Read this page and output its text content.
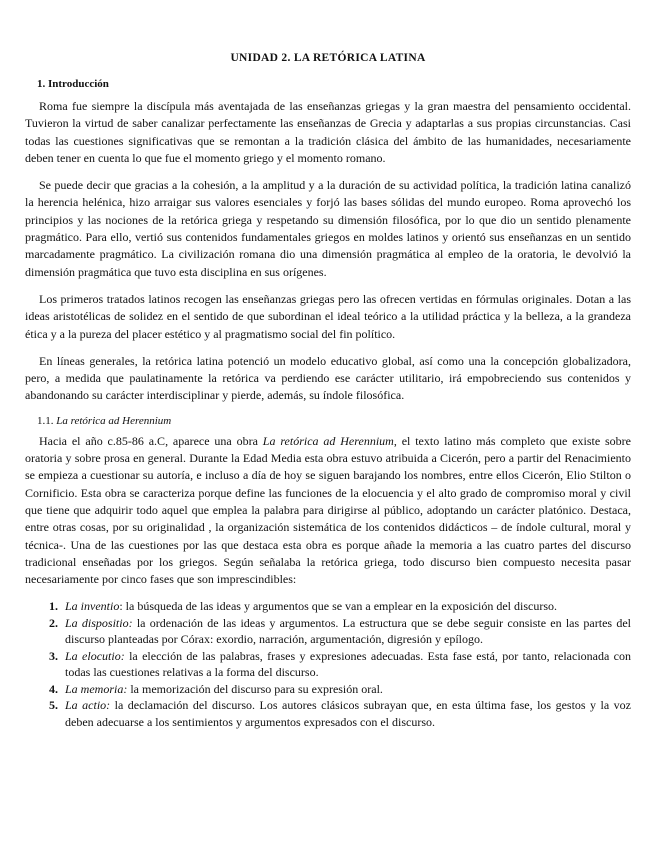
UNIDAD 2. LA RETÓRICA LATINA
1. Introducción

Roma fue siempre la discípula más aventajada de las enseñanzas griegas y la gran maestra del pensamiento occidental. Tuvieron la virtud de saber canalizar perfectamente las enseñanzas de Grecia y adaptarlas a sus propias circunstancias. Casi todas las cuestiones significativas que se remontan a la tradición clásica del ámbito de las humanidades, necesariamente deben tener en cuenta lo que fue el momento griego y el momento romano.

Se puede decir que gracias a la cohesión, a la amplitud y a la duración de su actividad política, la tradición latina canalizó la herencia helénica, hizo arraigar sus valores esenciales y forjó las bases sólidas del mundo europeo. Roma aprovechó los principios y las nociones de la retórica griega y respetando su dimensión filosófica, por lo que dio un sentido plenamente pragmático. Para ello, vertió sus contenidos fundamentales griegos en moldes latinos y orientó sus enseñanzas en un sentido marcadamente pragmático. La civilización romana dio una dimensión pragmática al empleo de la oratoria, le devolvió la dimensión pragmática que tuvo esta disciplina en sus orígenes.

Los primeros tratados latinos recogen las enseñanzas griegas pero las ofrecen vertidas en fórmulas originales. Dotan a las ideas aristotélicas de solidez en el sentido de que subordinan el ideal teórico a la utilidad práctica y la belleza, a la grandeza ética y a la pureza del placer estético y al pragmatismo social del fin político.

En líneas generales, la retórica latina potenció un modelo educativo global, así como una la concepción globalizadora, pero, a medida que paulatinamente la retórica va perdiendo ese carácter utilitario, irá empobreciendo sus contenidos y abandonando su carácter interdisciplinar y pierde, además, su índole filosófica.

1.1. La retórica ad Herennium

Hacia el año c.85-86 a.C, aparece una obra La retórica ad Herennium, el texto latino más completo que existe sobre oratoria y sobre prosa en general. Durante la Edad Media esta obra estuvo atribuida a Cicerón, pero a partir del Renacimiento se empieza a cuestionar su autoría, e incluso a día de hoy se siguen barajando los nombres, entre ellos Cicerón, Elio Stilton o Cornificio. Esta obra se caracteriza porque define las funciones de la elocuencia y el alto grado de compromiso moral y civil que tiene que adquirir todo aquel que emplea la palabra para dirigirse al público, adoptando un carácter platónico. Destaca, entre otras cosas, por su originalidad , la organización sistemática de los contenidos didácticos – de índole cultural, moral y técnica-. Una de las cuestiones por las que destaca esta obra es porque añade la memoria a las cuatro partes del discurso tradicional enseñadas por los griegos. Según señalaba la retórica griega, todo discurso bien compuesto necesita pasar necesariamente por cinco fases que son imprescindibles:

1. La inventio: la búsqueda de las ideas y argumentos que se van a emplear en la exposición del discurso.
2. La dispositio: la ordenación de las ideas y argumentos. La estructura que se debe seguir consiste en las partes del discurso planteadas por Córax: exordio, narración, argumentación, digresión y epílogo.
3. La elocutio: la elección de las palabras, frases y expresiones adecuadas. Esta fase está, por tanto, relacionada con todas las cuestiones relativas a la forma del discurso.
4. La memoria: la memorización del discurso para su expresión oral.
5. La actio: la declamación del discurso. Los autores clásicos subrayan que, en esta última fase, los gestos y la voz deben adecuarse a los sentimientos y argumentos expresados con el discurso.
